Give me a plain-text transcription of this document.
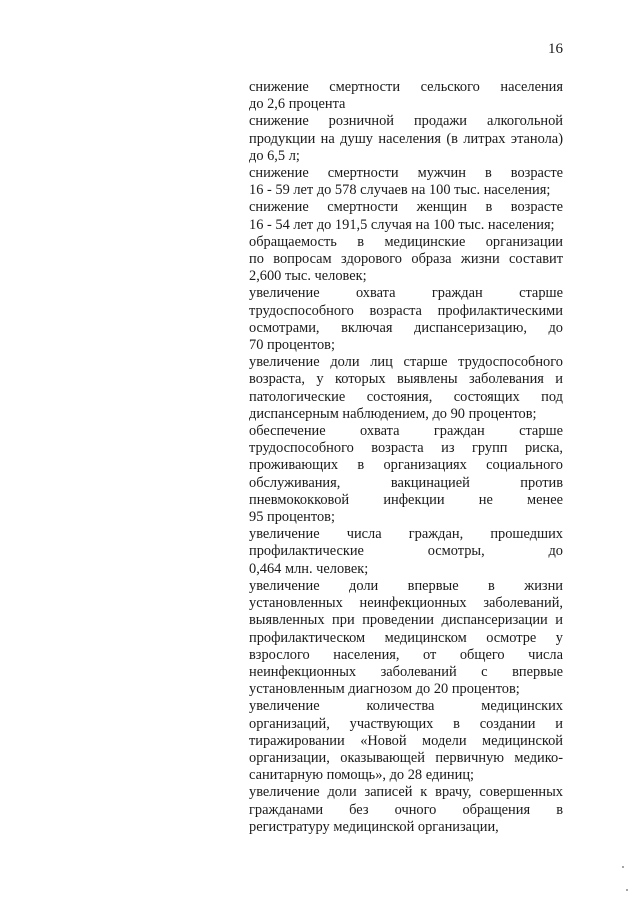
16

снижение смертности сельского населения
до 2,6 процента

снижение розничной продажи алкогольной
продукции на душу населения (в литрах этанола)
до 6,5 л;

снижение смертности мужчин в возрасте
16 - 59 лет до 578 случаев на 100 тыс. населения;

снижение смертности женщин в возрасте
16 - 54 лет до 191,5 случая на 100 тыс. населения;

обращаемость в медицинские организации
по вопросам здорового образа жизни составит
2,600 тыс. человек;

увеличение охвата граждан старше
трудоспособного возраста профилактическими
осмотрами, включая диспансеризацию, до
70 процентов;

увеличение доли лиц старше трудоспособного
возраста, у которых выявлены заболевания и
патологические состояния, состоящих под
диспансерным наблюдением, до 90 процентов;

обеспечение охвата граждан старше
трудоспособного возраста из групп риска,
проживающих в организациях социального
обслуживания, вакцинацией против
пневмококковой инфекции не менее
95 процентов;

увеличение числа граждан, прошедших
профилактические осмотры, до
0,464 млн. человек;

увеличение доли впервые в жизни
установленных неинфекционных заболеваний,
выявленных при проведении диспансеризации и
профилактическом медицинском осмотре у
взрослого населения, от общего числа
неинфекционных заболеваний с впервые
установленным диагнозом до 20 процентов;

увеличение количества медицинских
организаций, участвующих в создании и
тиражировании «Новой модели медицинской
организации, оказывающей первичную медико-
санитарную помощь», до 28 единиц;

увеличение доли записей к врачу, совершенных
гражданами без очного обращения в
регистратуру медицинской организации,
